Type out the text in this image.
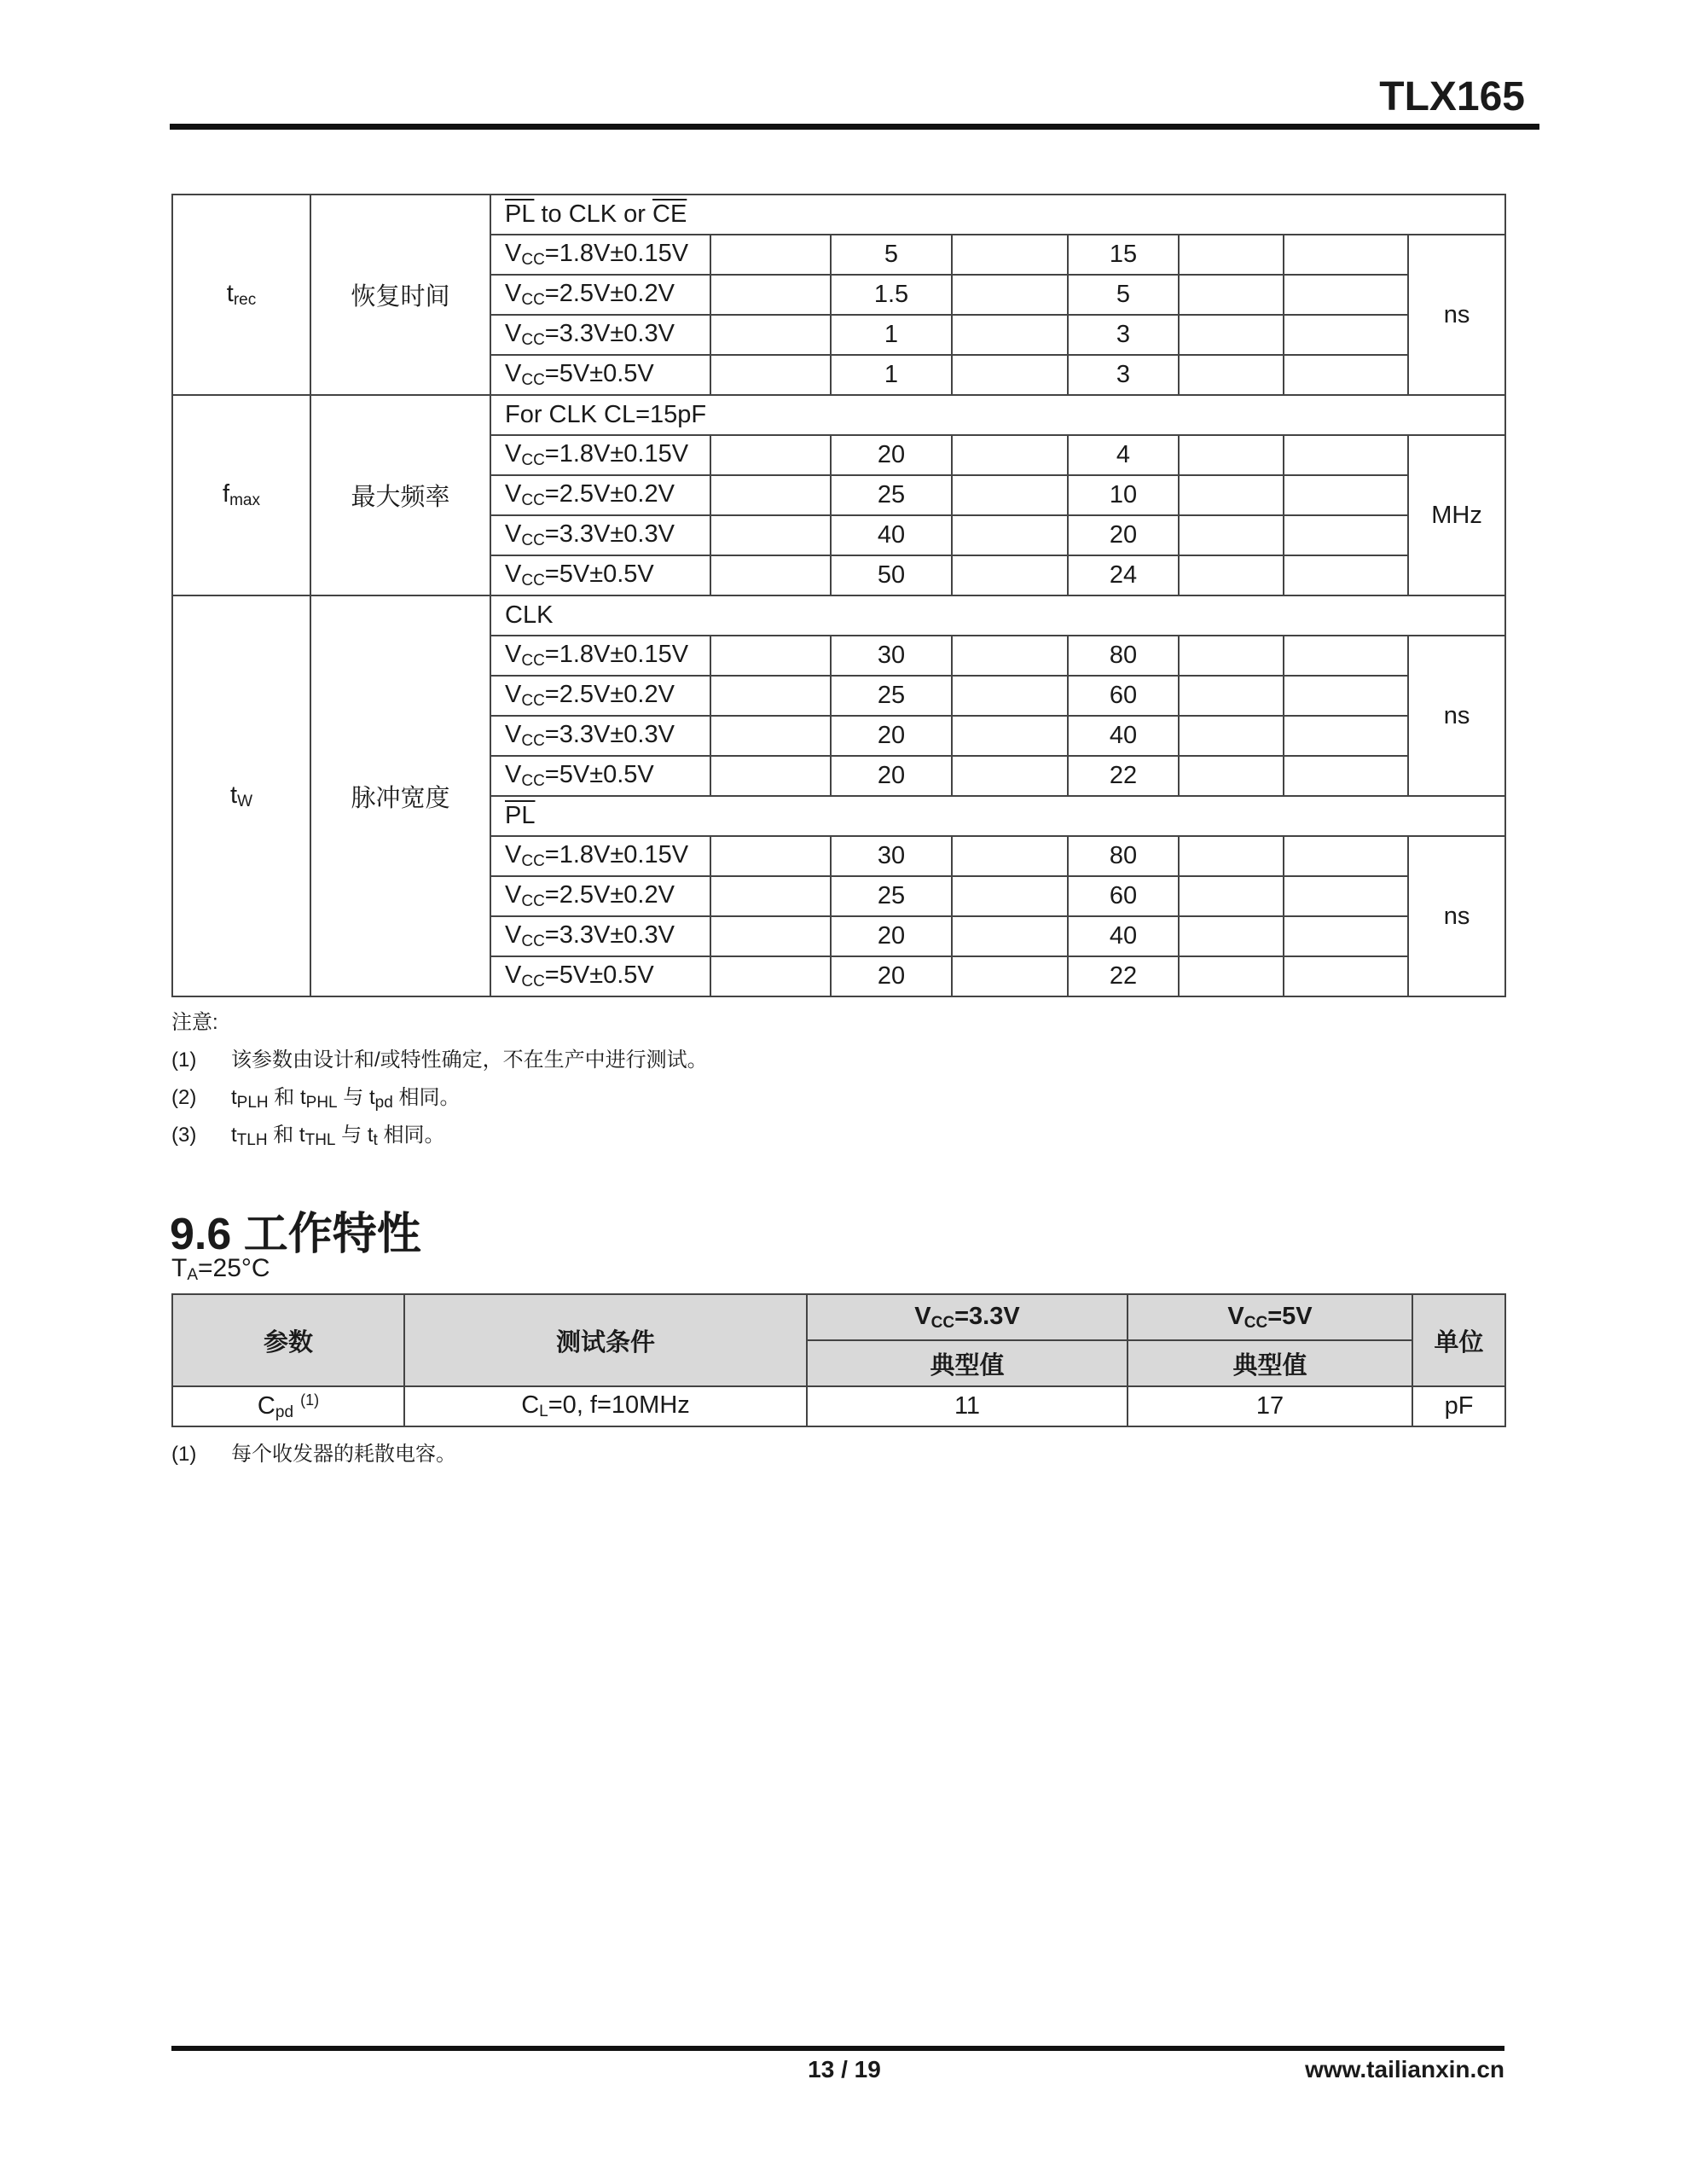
TLX165
$t_{rec}$	恢复时间	$\overline{PL}$ to CLK or $\overline{CE}$
		$V_{CC}=1.8V\pm 0.15V$		5		15			ns
		$V_{CC}=2.5V\pm 0.2V$		1.5		5			
		$V_{CC}=3.3V\pm 0.3V$		1		3			
		$V_{CC}=5V\pm 0.5V$		1		3			
$f_{max}$	最大频率	For CLK CL=15pF							
		$V_{CC}=1.8V\pm 0.15V$		20		4			MHz
		$V_{CC}=2.5V\pm 0.2V$		25		10			
		$V_{CC}=3.3V\pm 0.3V$		40		20			
		$V_{CC}=5V\pm 0.5V$		50		24			
$t_W$	脉冲宽度	CLK							
		$V_{CC}=1.8V\pm 0.15V$		30		80			ns
		$V_{CC}=2.5V\pm 0.2V$		25		60			
		$V_{CC}=3.3V\pm 0.3V$		20		40			
		$V_{CC}=5V\pm 0.5V$		20		22			
		$\overline{PL}$
		$V_{CC}=1.8V\pm 0.15V$		30		80			ns
		$V_{CC}=2.5V\pm 0.2V$		25		60			
		$V_{CC}=3.3V\pm 0.3V$		20		40			
		$V_{CC}=5V\pm 0.5V$		20		22			
注意:
(1) 该参数由设计和/或特性确定，不在生产中进行测试。
(2) $t_{PLH}$ 和 $t_{PHL}$ 与 $t_{pd}$ 相同。
(3) $t_{TLH}$ 和 $t_{THL}$ 与 $t_t$ 相同。
9.6 工作特性
$T_A=25^\circ C$
参数	测试条件	$V_{CC}=3.3V$	$V_{CC}=5V$	单位
		典型值	典型值	
$C_{pd}$ $^{(1)}$	$C_L=0$, f=10MHz	11	17	pF
(1) 每个收发器的耗散电容。
13 / 19	www.tailianxin.cn
